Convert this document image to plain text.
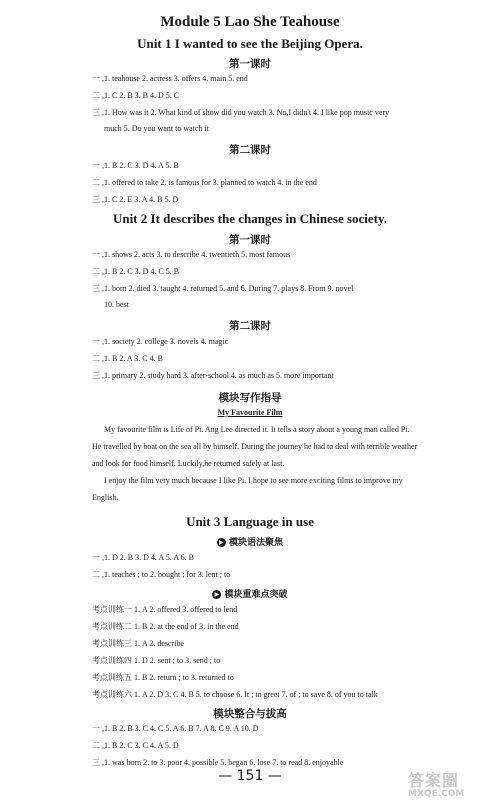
Module 5 Lao She Teahouse
Unit 1 I wanted to see the Beijing Opera.
第一课时
一 ,1. teahouse 2. actress 3. offers 4. main 5. end
二 ,1. C 2. B 3. B 4. D 5. C
三 ,1. How was it 2. What kind of show did you watch 3. No,I didn't 4. I like pop music very
much 5. Do you want to watch it
第二课时
一 ,1. B 2. C 3. D 4. A 5. B
二 ,1. offered to take 2. is famous for 3. planned to watch 4. in the end
三 ,1. C 2. E 3. A 4. B 5. D
Unit 2 It describes the changes in Chinese society.
第一课时
一 ,1. shows 2. acts 3. to describe 4. twentieth 5. most famous
二 ,1. B 2. C 3. D 4. C 5. B
三 ,1. born 2. died 3. taught 4. returned 5. and 6. During 7. plays 8. From 9. novel
10. best
第二课时
一 ,1. society 2. college 3. novels 4. magic
二 ,1. B 2. A 3. C 4. B
三 ,1. primary 2. study hard 3. after-school 4. as much as 5. more important
模块写作指导
My Favourite Film
My favourite film is Life of Pi. Ang Lee directed it. It tells a story about a young man called Pi.
He travelled by boat on the sea all by himself. During the journey he had to deal with terrible weather
and look for food himself. Luckily,he returned safely at last.
I enjoy the film very much because I like Pi. I hope to see more exciting films to improve my
English.
Unit 3 Language in use
▶ 模块语法聚焦
一 ,1. D 2. B 3. D 4. A 5. A 6. B
二 ,1. teaches ; to 2. bought ; for 3. lent ; to
▶ 模块重难点突破
考点训练一 1. A 2. offered 3. offered to lend
考点训练二 1. B 2. at the end of 3. in the end
考点训练三 1. A 2. describe
考点训练四 1. D 2. sent ; to 3. send ; to
考点训练五 1. B 2. return ; to 3. returned to
考点训练六 1. A 2. D 3. C 4. B 5. to choose 6. It ; to greet 7. of ; to save 8. of you to talk
模块整合与拔高
一 ,1. B 2. B 3. C 4. C 5. A 6. B 7. A 8. C 9. A 10. D
二 ,1. B 2. C 3. C 4. A 5. D
三 ,1. was born 2. to 3. poor 4. possible 5. began 6. lose 7. to read 8. enjoyable
— 151 —	答案圈
MXQE.COM
